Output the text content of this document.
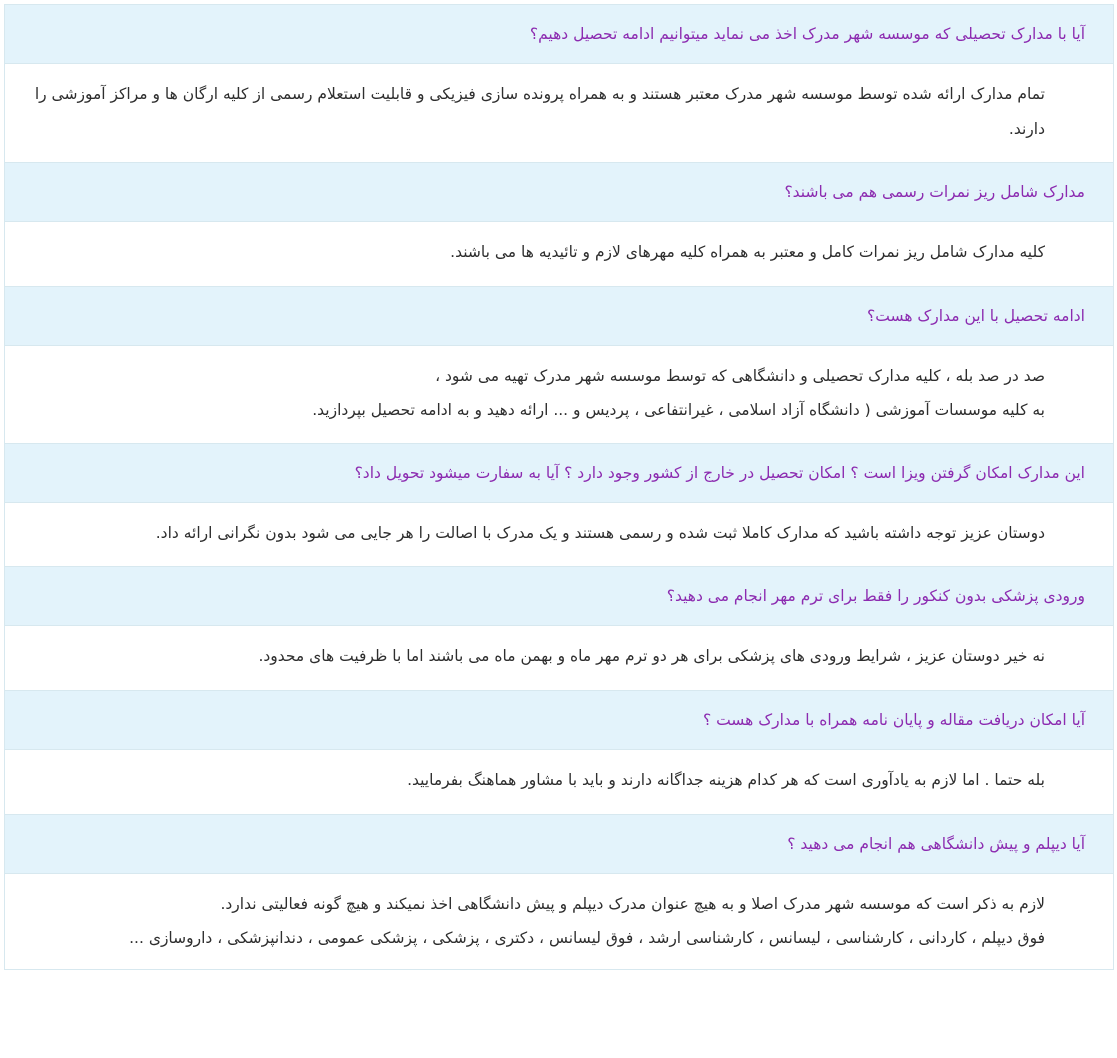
آیا با مدارک تحصیلی که موسسه شهر مدرک اخذ می نماید میتوانیم ادامه تحصیل دهیم؟

تمام مدارک ارائه شده توسط موسسه شهر مدرک معتبر هستند و به همراه پرونده سازی فیزیکی و قابلیت استعلام رسمی از کلیه ارگان ها و مراکز آموزشی را دارند.

مدارک شامل ریز نمرات رسمی هم می باشند؟

کلیه مدارک شامل ریز نمرات کامل و معتبر به همراه کلیه مهرهای لازم و تائیدیه ها می باشند.

ادامه تحصیل با این مدارک هست؟

صد در صد بله ، کلیه مدارک تحصیلی و دانشگاهی که توسط موسسه شهر مدرک تهیه می شود ،

به کلیه موسسات آموزشی ( دانشگاه آزاد اسلامی ، غیرانتفاعی ، پردیس و ... ارائه دهید و به ادامه تحصیل بپردازید.

این مدارک امکان گرفتن ویزا است ؟ امکان تحصیل در خارج از کشور وجود دارد ؟ آیا به سفارت میشود تحویل داد؟

دوستان عزیز توجه داشته باشید که مدارک کاملا ثبت شده و رسمی هستند و یک مدرک با اصالت را هر جایی می شود بدون نگرانی ارائه داد.

ورودی پزشکی بدون کنکور را فقط برای ترم مهر انجام می دهید؟

نه خیر دوستان عزیز ، شرایط ورودی های پزشکی برای هر دو ترم مهر ماه و بهمن ماه می باشند اما با ظرفیت های محدود.

آیا امکان دریافت مقاله و پایان نامه همراه با مدارک هست ؟

بله حتما . اما لازم به یادآوری است که هر کدام هزینه جداگانه دارند و باید با مشاور هماهنگ بفرمایید.

آیا دیپلم و پیش دانشگاهی هم انجام می دهید ؟

لازم به ذکر است که موسسه شهر مدرک اصلا و به هیچ عنوان مدرک دیپلم و پیش دانشگاهی اخذ نمیکند و هیچ گونه فعالیتی ندارد.

فوق دیپلم ، کاردانی ، کارشناسی ، لیسانس ، کارشناسی ارشد ، فوق لیسانس ، دکتری ، پزشکی ، پزشکی عمومی ، دندانپزشکی ، داروسازی ...
